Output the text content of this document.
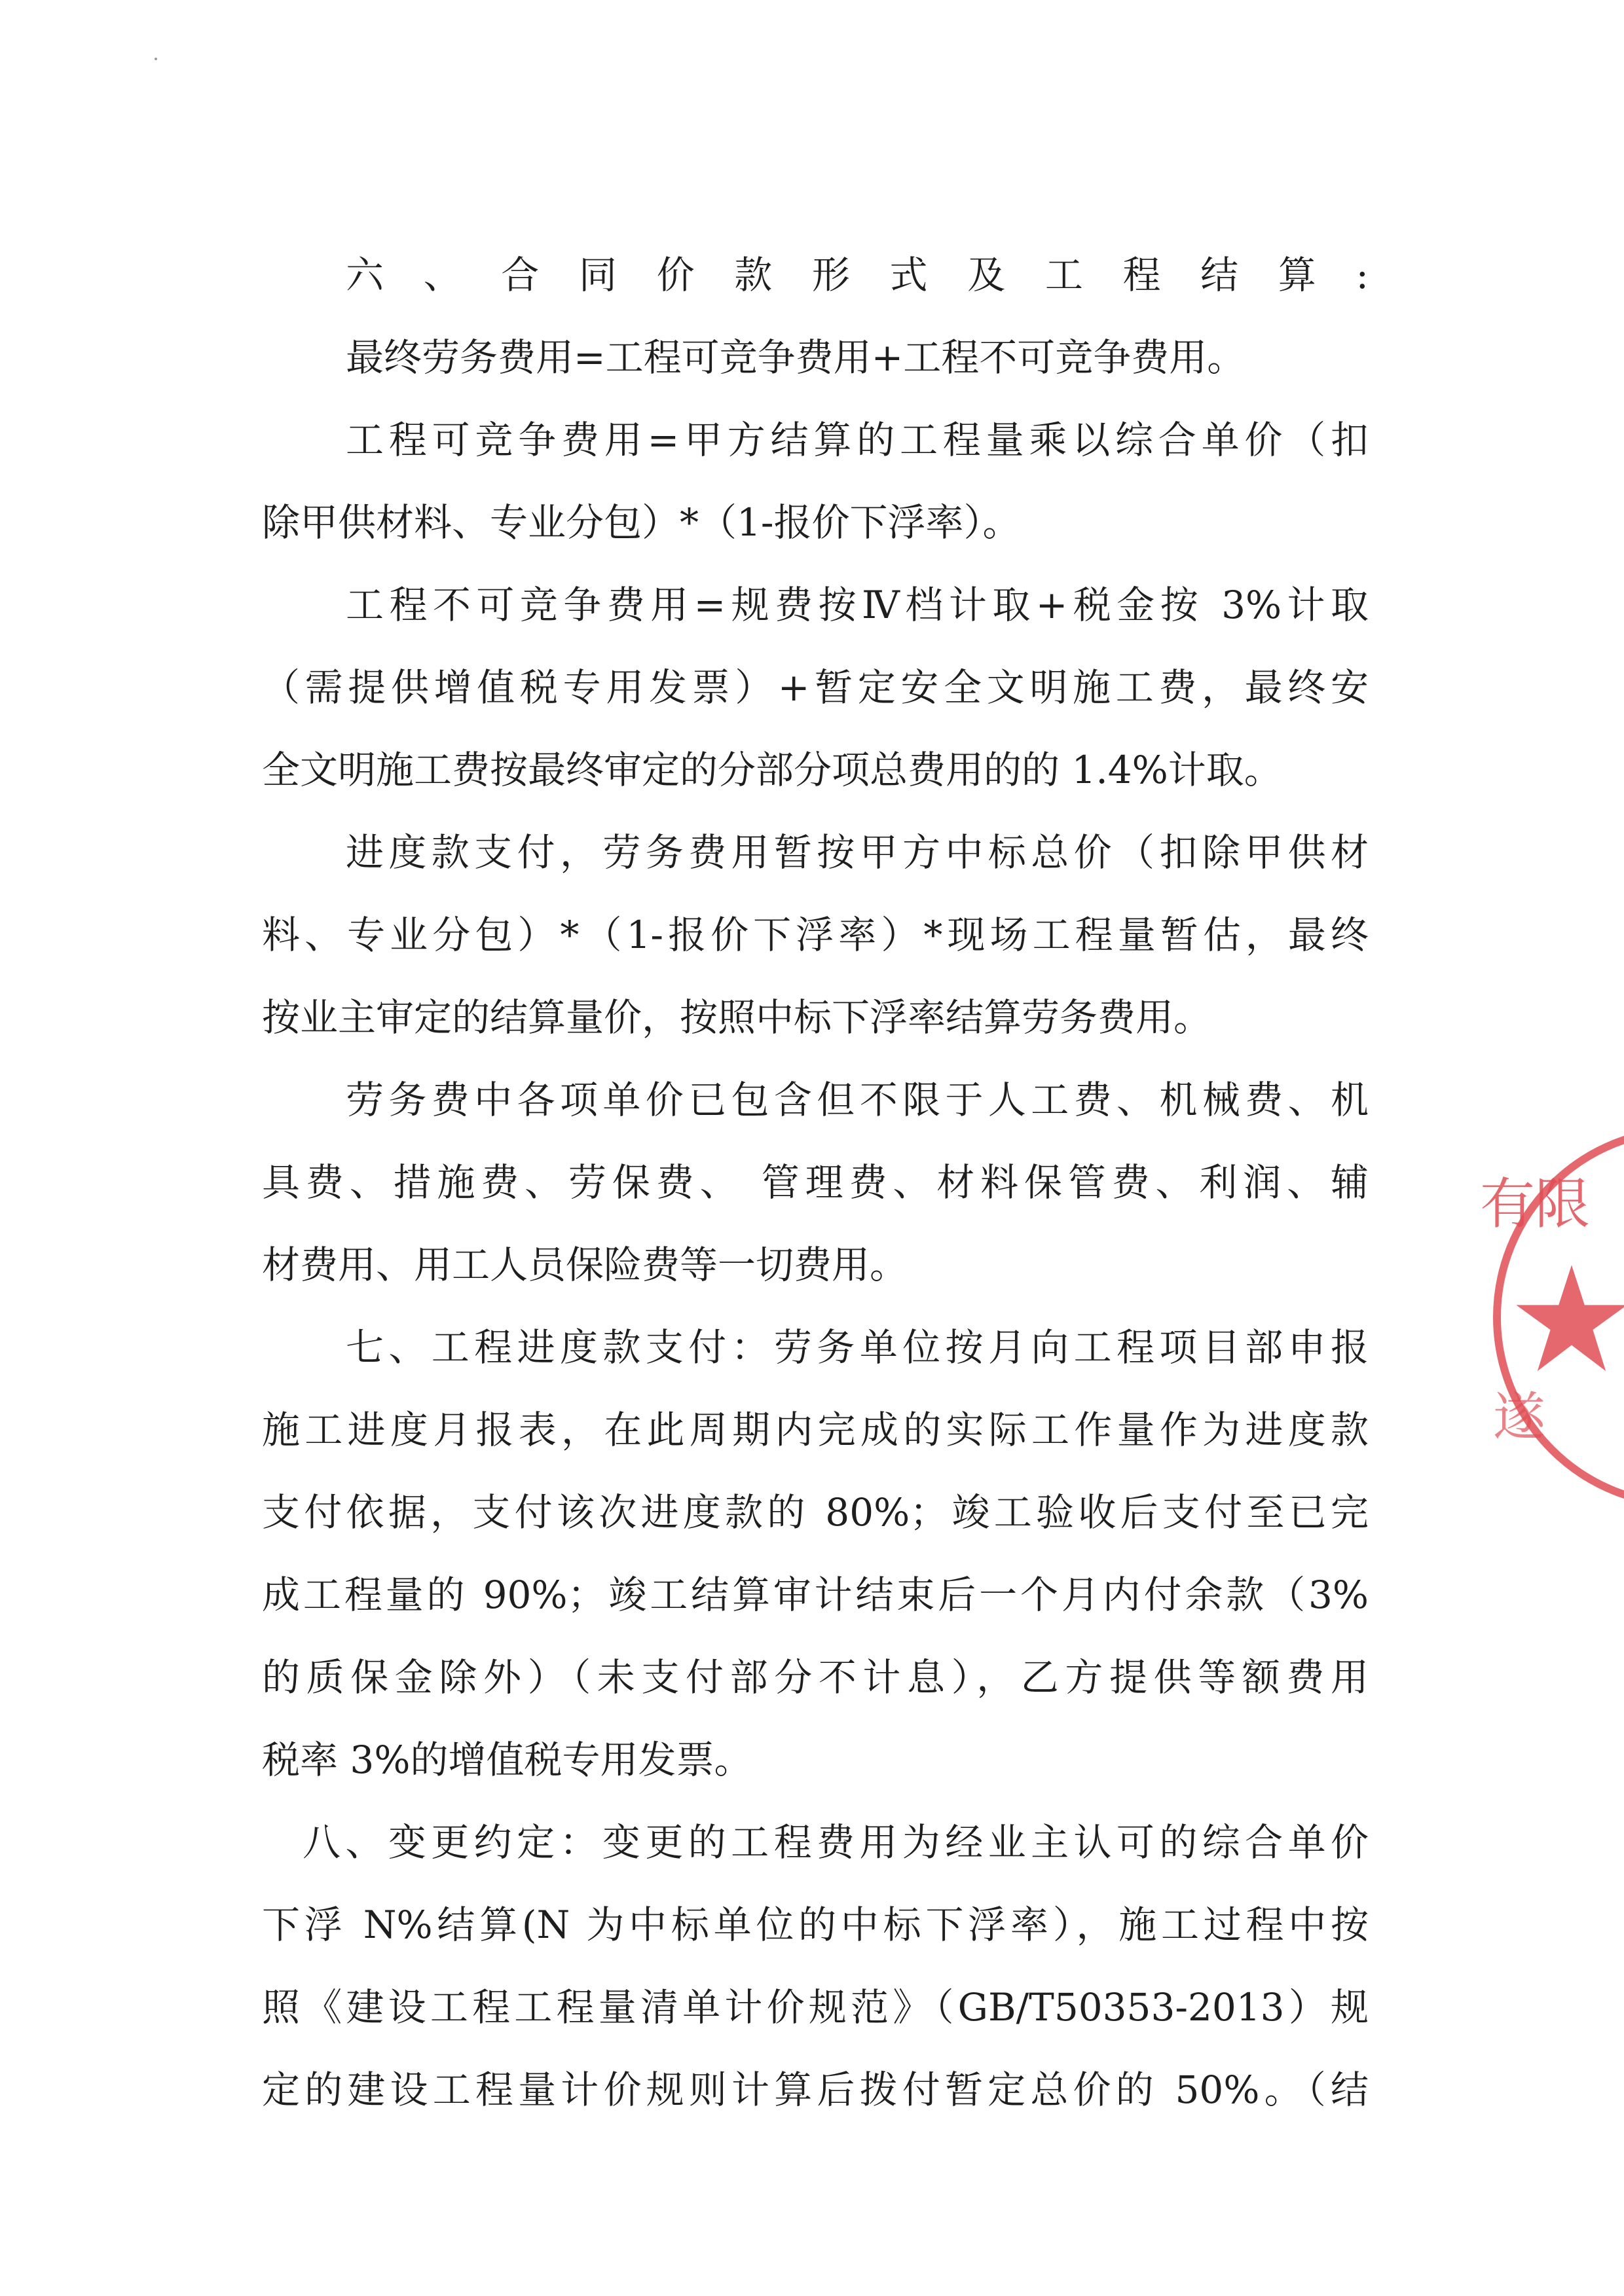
六、合同价款形式及工程结算:
最终劳务费用=工程可竞争费用+工程不可竞争费用。
工程可竞争费用=甲方结算的工程量乘以综合单价（扣
除甲供材料、专业分包）*（1-报价下浮率）。
工程不可竞争费用=规费按Ⅳ档计取+税金按 3%计取
（需提供增值税专用发票）+暂定安全文明施工费，最终安
全文明施工费按最终审定的分部分项总费用的的 1.4%计取。
进度款支付，劳务费用暂按甲方中标总价（扣除甲供材
料、专业分包）*（1-报价下浮率）*现场工程量暂估，最终
按业主审定的结算量价，按照中标下浮率结算劳务费用。
劳务费中各项单价已包含但不限于人工费、机械费、机
具费、措施费、劳保费、 管理费、材料保管费、利润、辅
材费用、用工人员保险费等一切费用。
七、工程进度款支付：劳务单位按月向工程项目部申报
施工进度月报表，在此周期内完成的实际工作量作为进度款
支付依据，支付该次进度款的 80%；竣工验收后支付至已完
成工程量的 90%；竣工结算审计结束后一个月内付余款（3%
的质保金除外）（未支付部分不计息），乙方提供等额费用
税率 3%的增值税专用发票。
八、变更约定：变更的工程费用为经业主认可的综合单价
下浮 N%结算(N 为中标单位的中标下浮率），施工过程中按
照《建设工程工程量清单计价规范》（GB/T50353-2013）规
定的建设工程量计价规则计算后拨付暂定总价的 50%。（结
有限
遂
